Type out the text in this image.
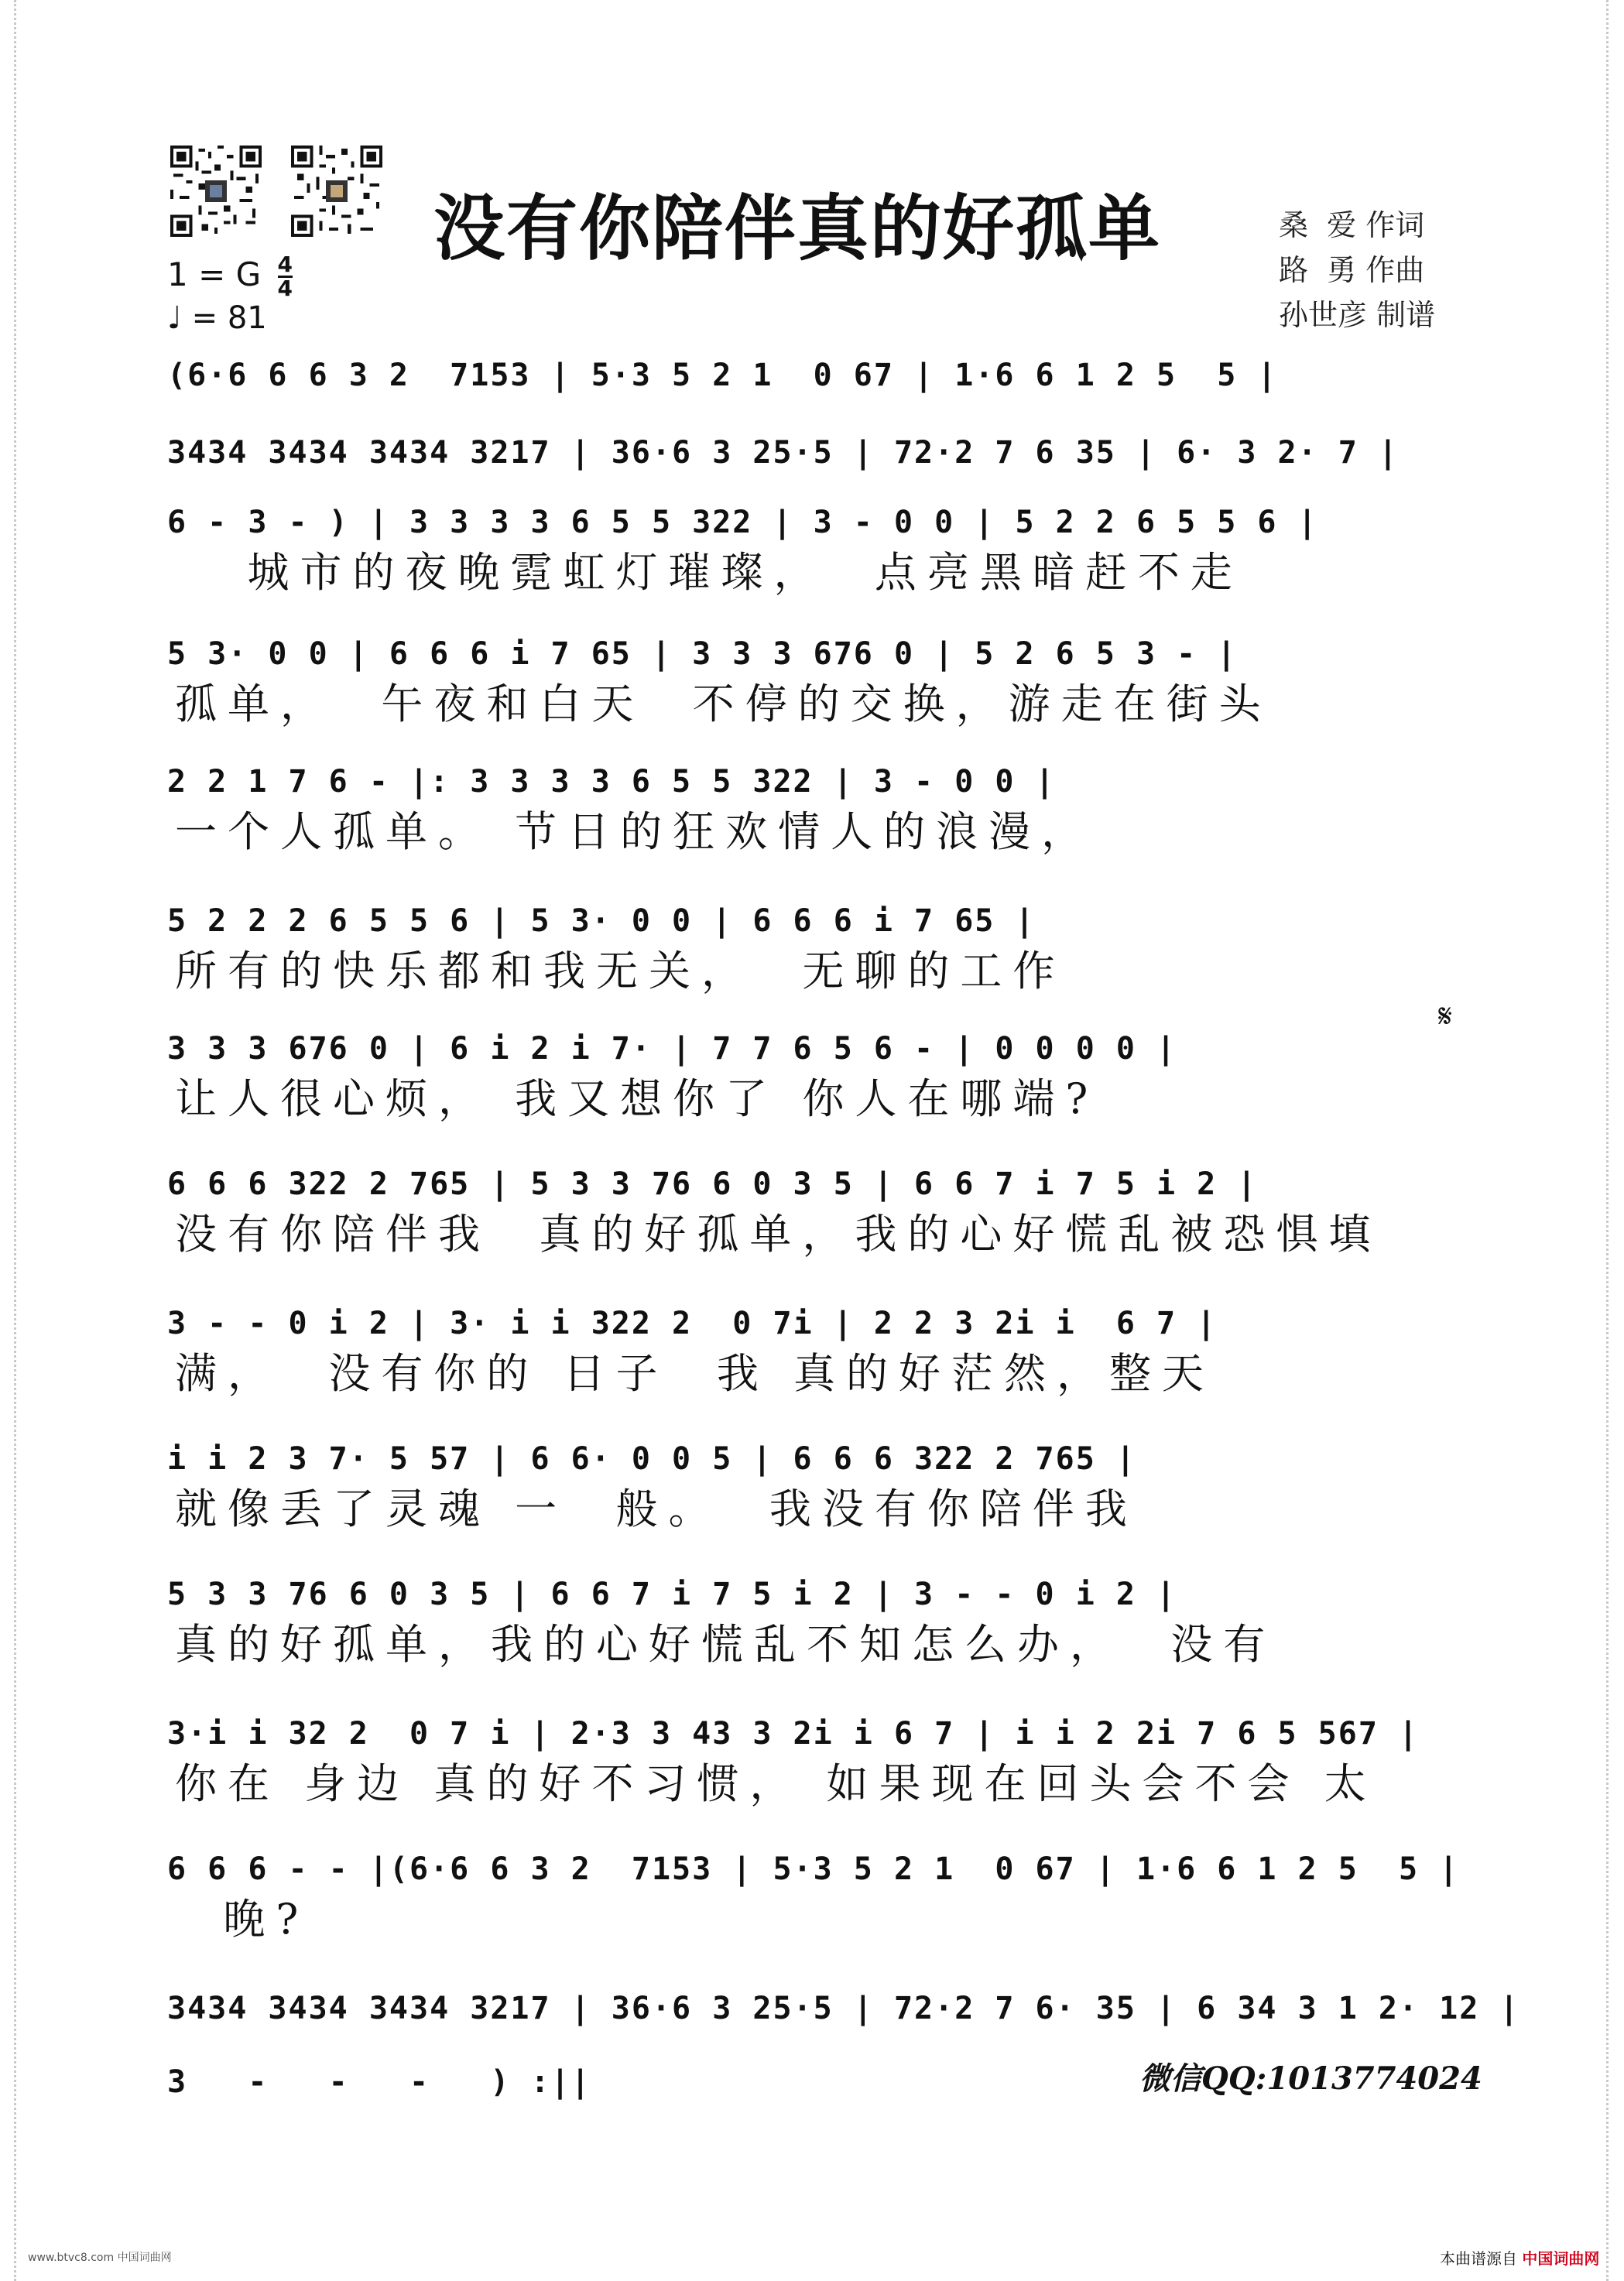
没有你陪伴真的好孤单	桑  爱 作词
路  勇 作曲
孙世彦 制谱
1 = G $\frac{4}{4}$
♩ = 81
(6·6 6 6 3 2  7153 | 5·3 5 2 1  0 67 | 1·6 6 1 2 5  5 |
3434 3434 3434 3217 | 36·6 3 25·5 | 72·2 7 6 35 | 6· 3 2· 7 |
6 - 3 - ) | 3 3 3 3 6 5 5 322 | 3 - 0 0 | 5 2 2 6 5 5 6 |
城市的夜晚霓虹灯璀璨，  点亮黑暗赶不走
5 3· 0 0 | 6 6 6 i 7 65 | 3 3 3 676 0 | 5 2 6 5 3 - |
孤单，  午夜和白天  不停的交换，游走在街头
2 2 1 7 6 - |: 3 3 3 3 6 5 5 322 | 3 - 0 0 |
一个人孤单。 节日的狂欢情人的浪漫，
5 2 2 2 6 5 5 6 | 5 3· 0 0 | 6 6 6 i 7 65 |
所有的快乐都和我无关，  无聊的工作
3 3 3 676 0 | 6 i 2 i 7· | 7 7 6 5 6 - | 0 0 0 0 |
让人很心烦， 我又想你了 你人在哪端?
6 6 6 322 2 765 | 5 3 3 76 6 0 3 5 | 6 6 7 i 7 5 i 2 |
没有你陪伴我  真的好孤单，我的心好慌乱被恐惧填
3 - - 0 i 2 | 3· i i 322 2  0 7i | 2 2 3 2i i  6 7 |
满，  没有你的 日子  我 真的好茫然，整天
i i 2 3 7· 5 57 | 6 6· 0 0 5 | 6 6 6 322 2 765 |
就像丢了灵魂 一  般。  我没有你陪伴我
5 3 3 76 6 0 3 5 | 6 6 7 i 7 5 i 2 | 3 - - 0 i 2 |
真的好孤单，我的心好慌乱不知怎么办，  没有
3·i i 32 2  0 7 i | 2·3 3 43 3 2i i 6 7 | i i 2 2i 7 6 5 567 |
你在 身边 真的好不习惯， 如果现在回头会不会 太
6 6 6 - - |(6·6 6 3 2  7153 | 5·3 5 2 1  0 67 | 1·6 6 1 2 5  5 |
晚?
3434 3434 3434 3217 | 36·6 3 25·5 | 72·2 7 6· 35 | 6 34 3 1 2· 12 |
3   -   -   -   ) :||
𝄋
微信QQ:1013774024
www.btvc8.com 中国词曲网	本曲谱源自 中国词曲网
